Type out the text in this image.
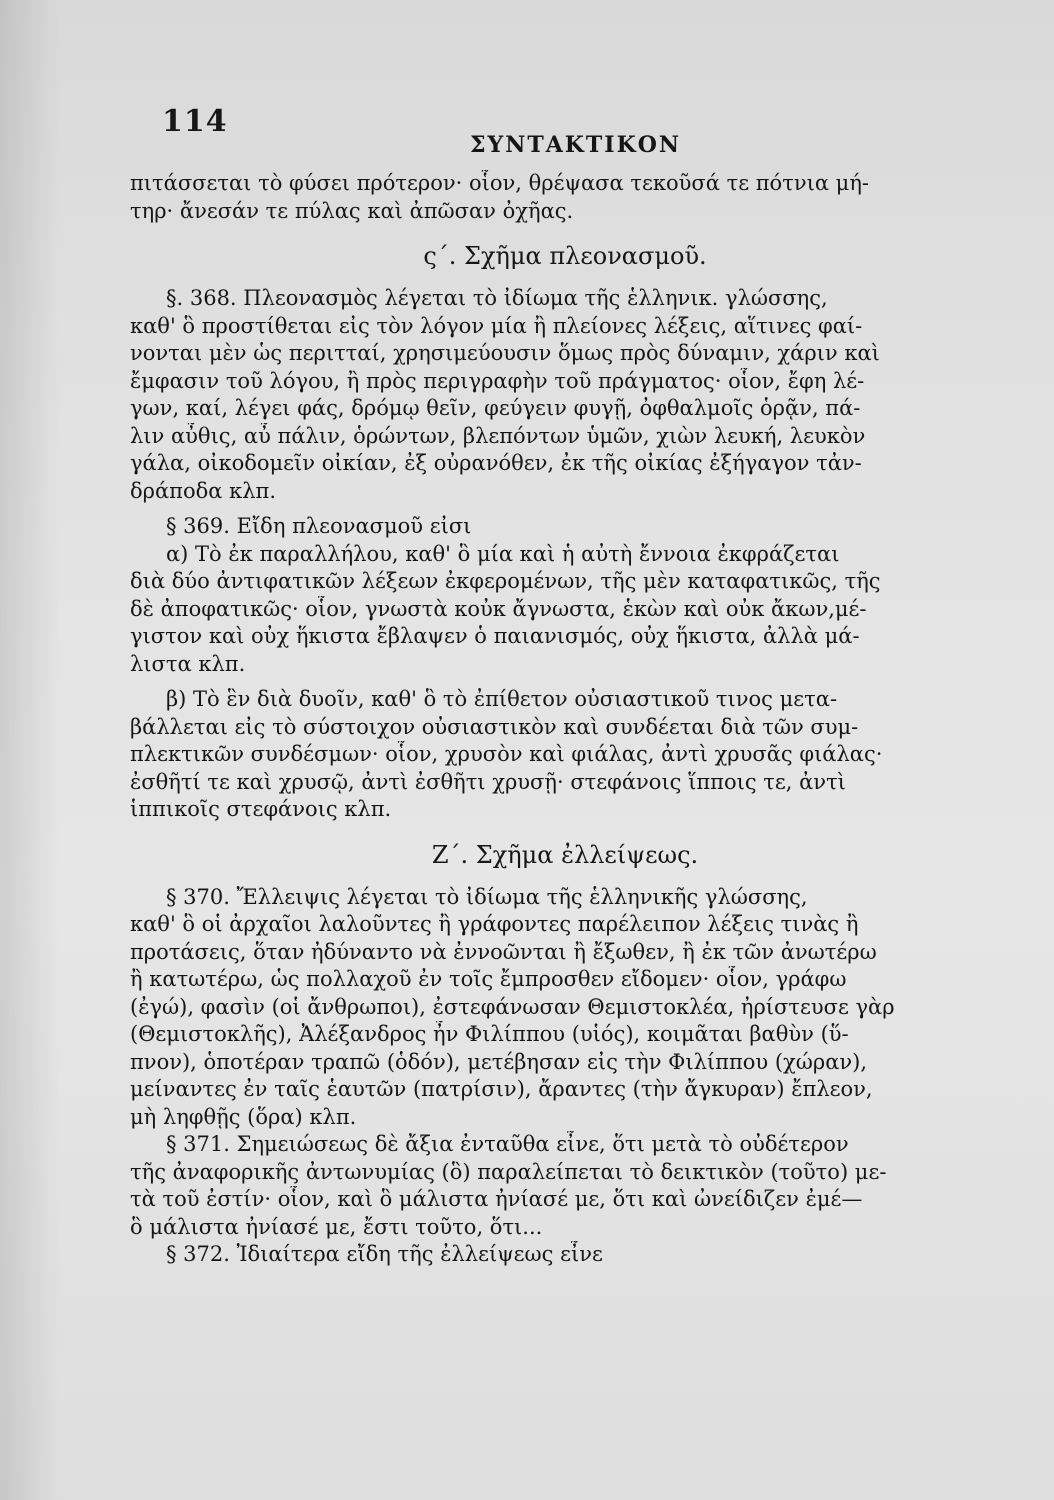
114
ΣΥΝΤΑΚΤΙΚΟΝ
πιτάσσεται τὸ φύσει πρότερον· οἷον, θρέψασα τεκοῦσά τε πότνια μή-
τηρ· ἄνεσάν τε πύλας καὶ ἀπῶσαν ὀχῆας.
ς΄. Σχῆμα πλεονασμοῦ.
§. 368. Πλεονασμὸς λέγεται τὸ ἰδίωμα τῆς ἑλληνικ. γλώσσης,
καθ' ὃ προστίθεται εἰς τὸν λόγον μία ἢ πλείονες λέξεις, αἵτινες φαί-
νονται μὲν ὡς περιτταί, χρησιμεύουσιν ὅμως πρὸς δύναμιν, χάριν καὶ
ἔμφασιν τοῦ λόγου, ἢ πρὸς περιγραφὴν τοῦ πράγματος· οἷον, ἔφη λέ-
γων, καί, λέγει φάς, δρόμῳ θεῖν, φεύγειν φυγῇ, ὀφθαλμοῖς ὁρᾷν, πά-
λιν αὖθις, αὖ πάλιν, ὁρώντων, βλεπόντων ὑμῶν, χιὼν λευκή, λευκὸν
γάλα, οἰκοδομεῖν οἰκίαν, ἐξ οὐρανόθεν, ἐκ τῆς οἰκίας ἐξήγαγον τἀν-
δράποδα κλπ.
§ 369. Εἴδη πλεονασμοῦ εἰσι
α) Τὸ ἐκ παραλλήλου, καθ' ὃ μία καὶ ἡ αὐτὴ ἔννοια ἐκφράζεται
διὰ δύο ἀντιφατικῶν λέξεων ἐκφερομένων, τῆς μὲν καταφατικῶς, τῆς
δὲ ἀποφατικῶς· οἷον, γνωστὰ κοὐκ ἄγνωστα, ἑκὼν καὶ οὐκ ἄκων,μέ-
γιστον καὶ οὐχ ἥκιστα ἔβλαψεν ὁ παιανισμός, οὐχ ἥκιστα, ἀλλὰ μά-
λιστα κλπ.
β) Τὸ ἓν διὰ δυοῖν, καθ' ὃ τὸ ἐπίθετον οὐσιαστικοῦ τινος μετα-
βάλλεται εἰς τὸ σύστοιχον οὐσιαστικὸν καὶ συνδέεται διὰ τῶν συμ-
πλεκτικῶν συνδέσμων· οἷον, χρυσὸν καὶ φιάλας, ἀντὶ χρυσᾶς φιάλας·
ἐσθῆτί τε καὶ χρυσῷ, ἀντὶ ἐσθῆτι χρυσῇ· στεφάνοις ἵπποις τε, ἀντὶ
ἱππικοῖς στεφάνοις κλπ.
Ζ΄. Σχῆμα ἐλλείψεως.
§ 370. Ἔλλειψις λέγεται τὸ ἰδίωμα τῆς ἑλληνικῆς γλώσσης,
καθ' ὃ οἱ ἀρχαῖοι λαλοῦντες ἢ γράφοντες παρέλειπον λέξεις τινὰς ἢ
προτάσεις, ὅταν ἠδύναντο νὰ ἐννοῶνται ἢ ἔξωθεν, ἢ ἐκ τῶν ἀνωτέρω
ἢ κατωτέρω, ὡς πολλαχοῦ ἐν τοῖς ἔμπροσθεν εἴδομεν· οἷον, γράφω
(ἐγώ), φασὶν (οἱ ἄνθρωποι), ἐστεφάνωσαν Θεμιστοκλέα, ἠρίστευσε γὰρ
(Θεμιστοκλῆς), Ἀλέξανδρος ἦν Φιλίππου (υἱός), κοιμᾶται βαθὺν (ὕ-
πνον), ὁποτέραν τραπῶ (ὁδόν), μετέβησαν εἰς τὴν Φιλίππου (χώραν),
μείναντες ἐν ταῖς ἑαυτῶν (πατρίσιν), ἄραντες (τὴν ἄγκυραν) ἔπλεον,
μὴ ληφθῇς (ὅρα) κλπ.
§ 371. Σημειώσεως δὲ ἄξια ἐνταῦθα εἶνε, ὅτι μετὰ τὸ οὐδέτερον
τῆς ἀναφορικῆς ἀντωνυμίας (ὃ) παραλείπεται τὸ δεικτικὸν (τοῦτο) με-
τὰ τοῦ ἐστίν· οἷον, καὶ ὃ μάλιστα ἠνίασέ με, ὅτι καὶ ὠνείδιζεν ἐμέ—
ὃ μάλιστα ἠνίασέ με, ἔστι τοῦτο, ὅτι...
§ 372. Ἰδιαίτερα εἴδη τῆς ἐλλείψεως εἶνε
